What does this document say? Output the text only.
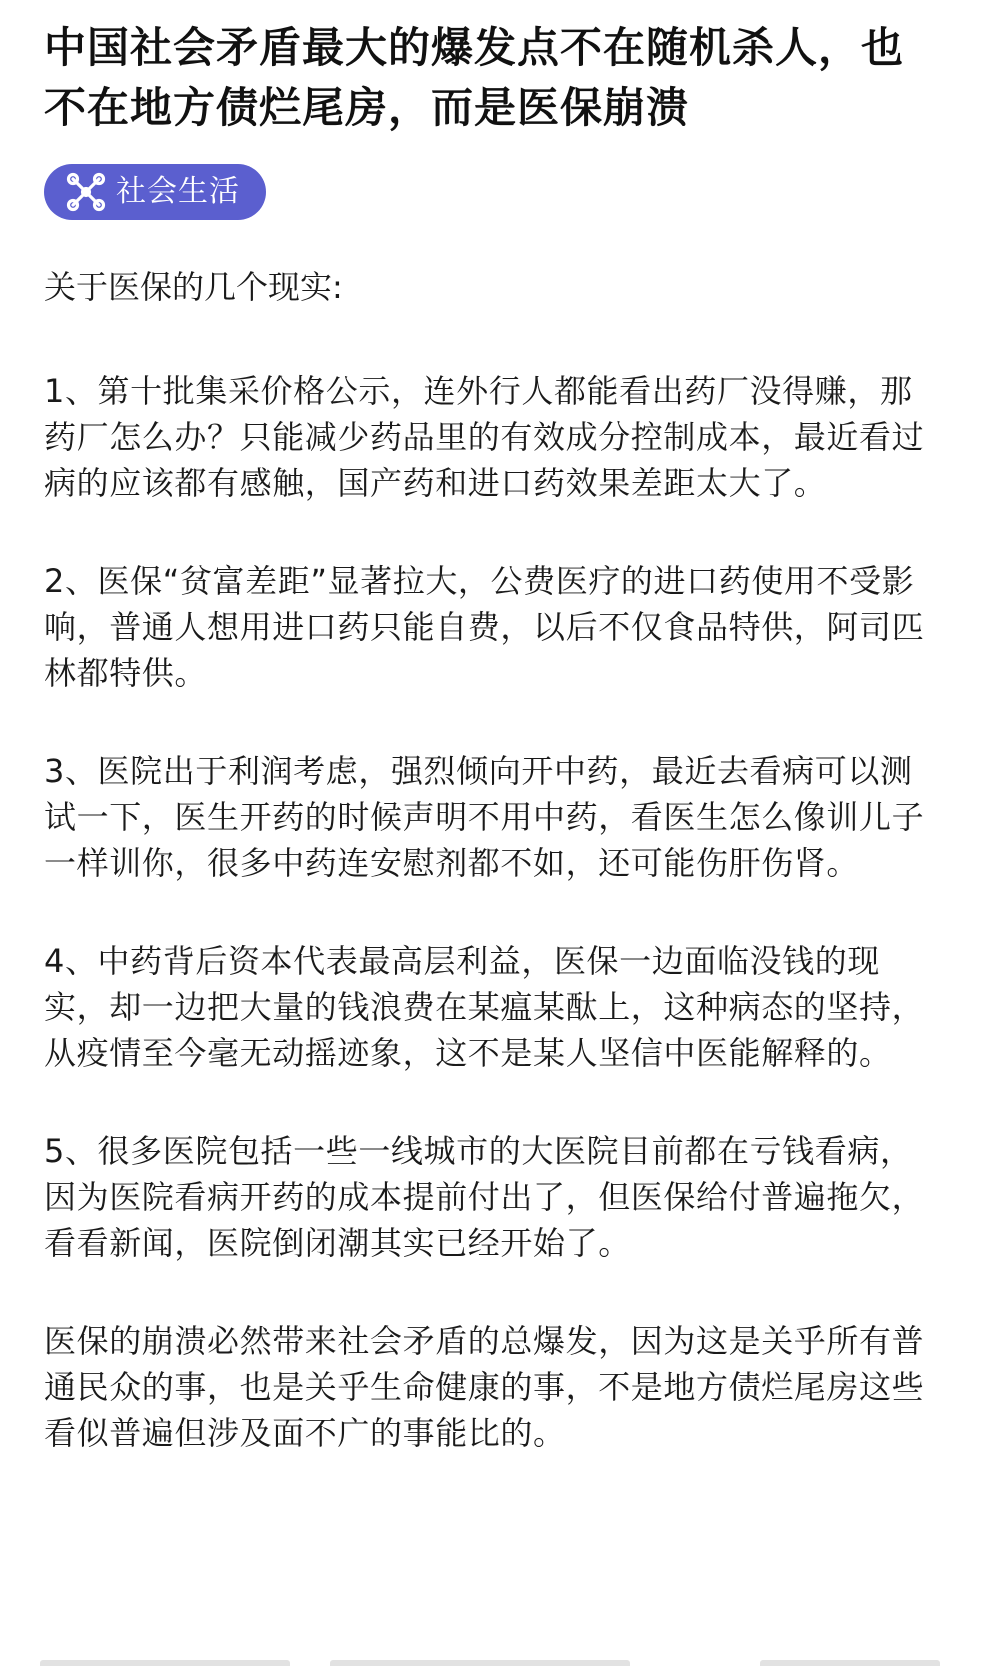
中国社会矛盾最大的爆发点不在随机杀人，也不在地方债烂尾房，而是医保崩溃
社会生活

关于医保的几个现实:

1、第十批集采价格公示，连外行人都能看出药厂没得赚，那药厂怎么办？只能减少药品里的有效成分控制成本，最近看过病的应该都有感触，国产药和进口药效果差距太大了。

2、医保“贫富差距”显著拉大，公费医疗的进口药使用不受影响，普通人想用进口药只能自费，以后不仅食品特供，阿司匹林都特供。

3、医院出于利润考虑，强烈倾向开中药，最近去看病可以测试一下，医生开药的时候声明不用中药，看医生怎么像训儿子一样训你，很多中药连安慰剂都不如，还可能伤肝伤肾。

4、中药背后资本代表最高层利益，医保一边面临没钱的现实，却一边把大量的钱浪费在某瘟某酞上，这种病态的坚持，从疫情至今毫无动摇迹象，这不是某人坚信中医能解释的。

5、很多医院包括一些一线城市的大医院目前都在亏钱看病，因为医院看病开药的成本提前付出了，但医保给付普遍拖欠，看看新闻，医院倒闭潮其实已经开始了。

医保的崩溃必然带来社会矛盾的总爆发，因为这是关乎所有普通民众的事，也是关乎生命健康的事，不是地方债烂尾房这些看似普遍但涉及面不广的事能比的。
